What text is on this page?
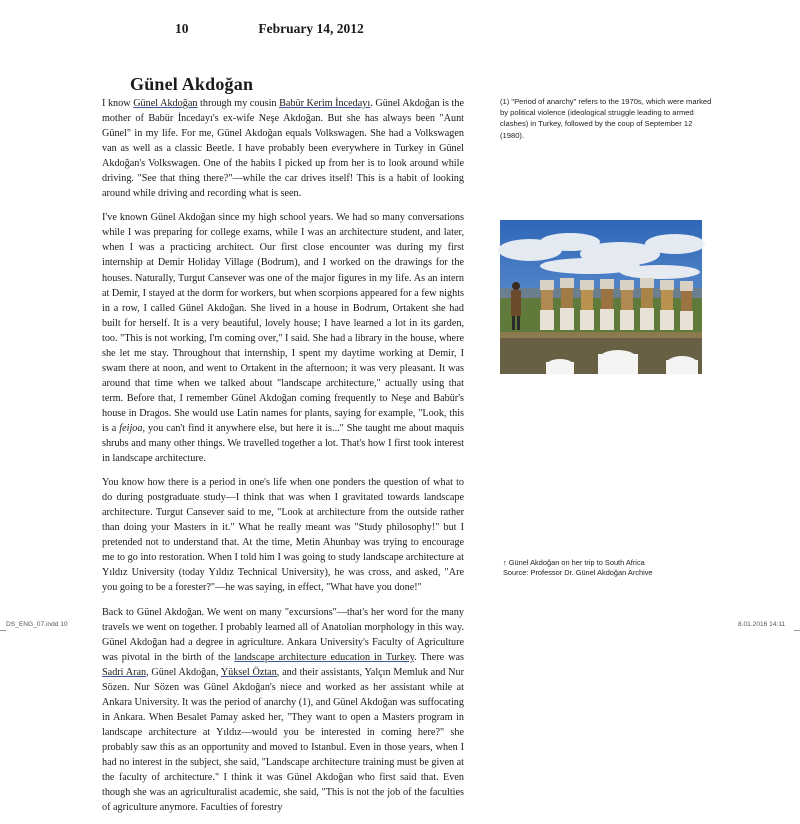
10	February 14, 2012
Günel Akdoğan

I know Günel Akdoğan through my cousin Babür Kerim İncedayı. Günel Akdoğan is the mother of Babür İncedayı's ex-wife Neşe Akdoğan. But she has always been "Aunt Günel" in my life. For me, Günel Akdoğan equals Volkswagen. She had a Volkswagen van as well as a classic Beetle. I have probably been everywhere in Turkey in Günel Akdoğan's Volkswagen. One of the habits I picked up from her is to look around while driving. "See that thing there?"—while the car drives itself! This is a habit of looking around while driving and recording what is seen.

I've known Günel Akdoğan since my high school years. We had so many conversations while I was preparing for college exams, while I was an architecture student, and later, when I was a practicing architect. Our first close encounter was during my first internship at Demir Holiday Village (Bodrum), and I worked on the drawings for the houses. Naturally, Turgut Cansever was one of the major figures in my life. As an intern at Demir, I stayed at the dorm for workers, but when scorpions appeared for a few nights in a row, I called Günel Akdoğan. She lived in a house in Bodrum, Ortakent she had built for herself. It is a very beautiful, lovely house; I have learned a lot in its garden, too. "This is not working, I'm coming over," I said. She had a library in the house, where she let me stay. Throughout that internship, I spent my daytime working at Demir, I swam there at noon, and went to Ortakent in the afternoon; it was very pleasant. It was around that time when we talked about "landscape architecture," actually using that term. Before that, I remember Günel Akdoğan coming frequently to Neşe and Babür's house in Dragos. She would use Latin names for plants, saying for example, "Look, this is a feijoa, you can't find it anywhere else, but here it is..." She taught me about maquis shrubs and many other things. We travelled together a lot. That's how I first took interest in landscape architecture.

You know how there is a period in one's life when one ponders the question of what to do during postgraduate study—I think that was when I gravitated towards landscape architecture. Turgut Cansever said to me, "Look at architecture from the outside rather than doing your Masters in it." What he really meant was "Study philosophy!" but I pretended not to understand that. At the time, Metin Ahunbay was trying to encourage me to go into restoration. When I told him I was going to study landscape architecture at Yıldız University (today Yıldız Technical University), he was cross, and asked, "Are you going to be a forester?"—he was saying, in effect, "What have you done!"

Back to Günel Akdoğan. We went on many "excursions"—that's her word for the many travels we went on together. I probably learned all of Anatolian morphology in this way. Günel Akdoğan had a degree in agriculture. Ankara University's Faculty of Agriculture was pivotal in the birth of the landscape architecture education in Turkey. There was Sadri Aran, Günel Akdoğan, Yüksel Öztan, and their assistants, Yalçın Memluk and Nur Sözen. Nur Sözen was Günel Akdoğan's niece and worked as her assistant while at Ankara University. It was the period of anarchy (1), and Günel Akdoğan was suffocating in Ankara. When Besalet Pamay asked her, "They want to open a Masters program in landscape architecture at Yıldız—would you be interested in coming here?" she probably saw this as an opportunity and moved to Istanbul. Even in those years, when I had no interest in the subject, she said, "Landscape architecture training must be given at the faculty of architecture." I think it was Günel Akdoğan who first said that. Even though she was an agriculturalist academic, she said, "This is not the job of the faculties of agriculture anymore. Faculties of forestry

(1) "Period of anarchy" refers to the 1970s, which were marked by political violence (ideological struggle leading to armed clashes) in Turkey, followed by the coup of September 12 (1980).
↑ Günel Akdoğan on her trip to South Africa
Source: Professor Dr. Günel Akdoğan Archive
DS_ENG_07.indd 10	8.01.2016 14:11
